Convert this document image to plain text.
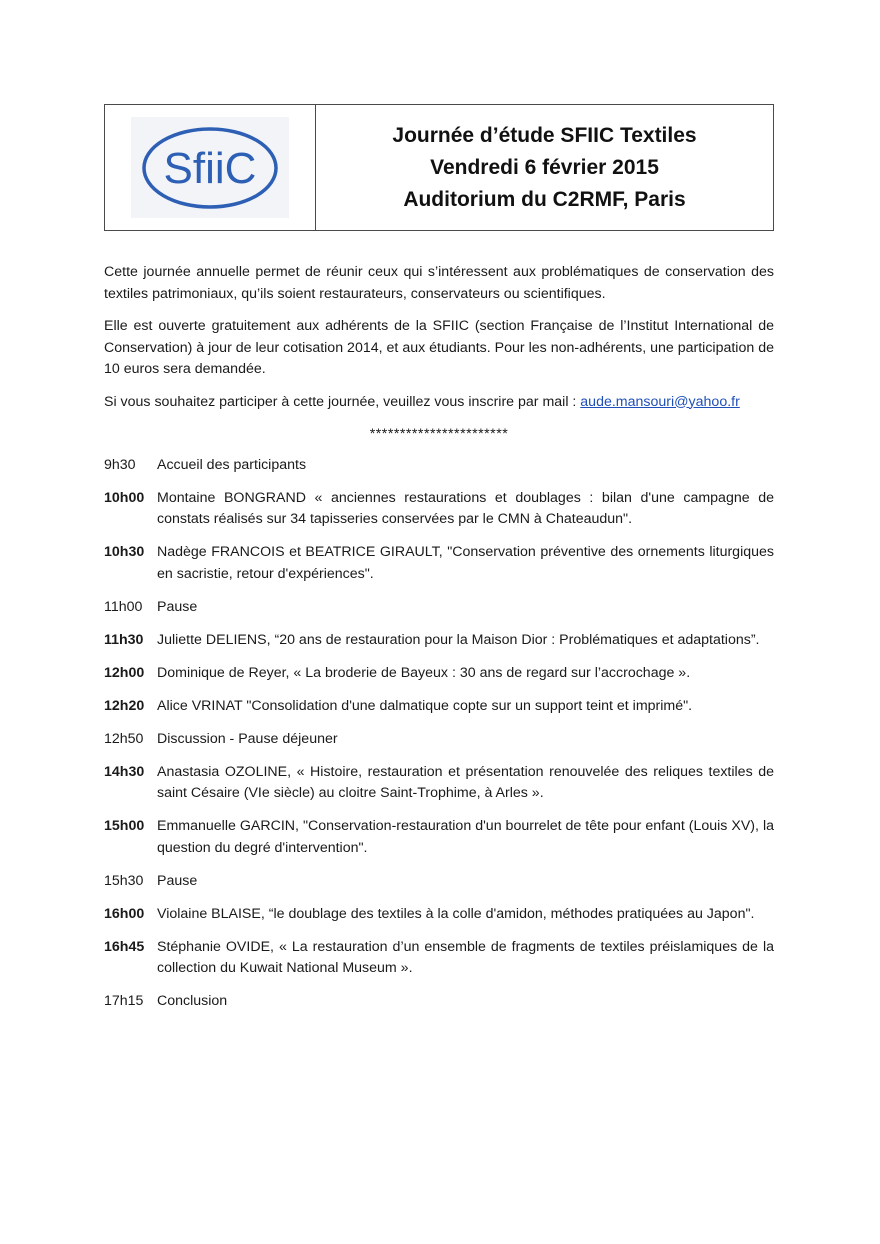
SfiiC
Journée d’étude SFIIC Textiles
Vendredi 6 février 2015
Auditorium du C2RMF, Paris

Cette journée annuelle permet de réunir ceux qui s’intéressent aux problématiques de conservation des textiles patrimoniaux, qu’ils soient restaurateurs, conservateurs ou scientifiques.

Elle est ouverte gratuitement aux adhérents de la SFIIC (section Française de l’Institut International de Conservation) à jour de leur cotisation 2014, et aux étudiants. Pour les non-adhérents, une participation de 10 euros sera demandée.

Si vous souhaitez participer à cette journée, veuillez vous inscrire par mail : aude.mansouri@yahoo.fr

***********************
9h30	Accueil des participants
10h00 Montaine BONGRAND « anciennes restaurations et doublages : bilan d'une campagne de constats réalisés sur 34 tapisseries conservées par le CMN à Chateaudun".
10h30 Nadège FRANCOIS et BEATRICE GIRAULT, "Conservation préventive des ornements liturgiques en sacristie, retour d'expériences".
11h00	Pause
11h30 Juliette DELIENS, “20 ans de restauration pour la Maison Dior : Problématiques et adaptations”.
12h00 Dominique de Reyer, « La broderie de Bayeux : 30 ans de regard sur l’accrochage ».
12h20 Alice VRINAT "Consolidation d'une dalmatique copte sur un support teint et imprimé".
12h50 Discussion - Pause déjeuner
14h30 Anastasia OZOLINE, « Histoire, restauration et présentation renouvelée des reliques textiles de saint Césaire (VIe siècle) au cloitre Saint-Trophime, à Arles ».
15h00 Emmanuelle GARCIN, "Conservation-restauration d'un bourrelet de tête pour enfant (Louis XV), la question du degré d'intervention".
15h30 Pause
16h00 Violaine BLAISE, “le doublage des textiles à la colle d'amidon, méthodes pratiquées au Japon".
16h45 Stéphanie OVIDE, « La restauration d’un ensemble de fragments de textiles préislamiques de la collection du Kuwait National Museum ».
17h15 Conclusion
